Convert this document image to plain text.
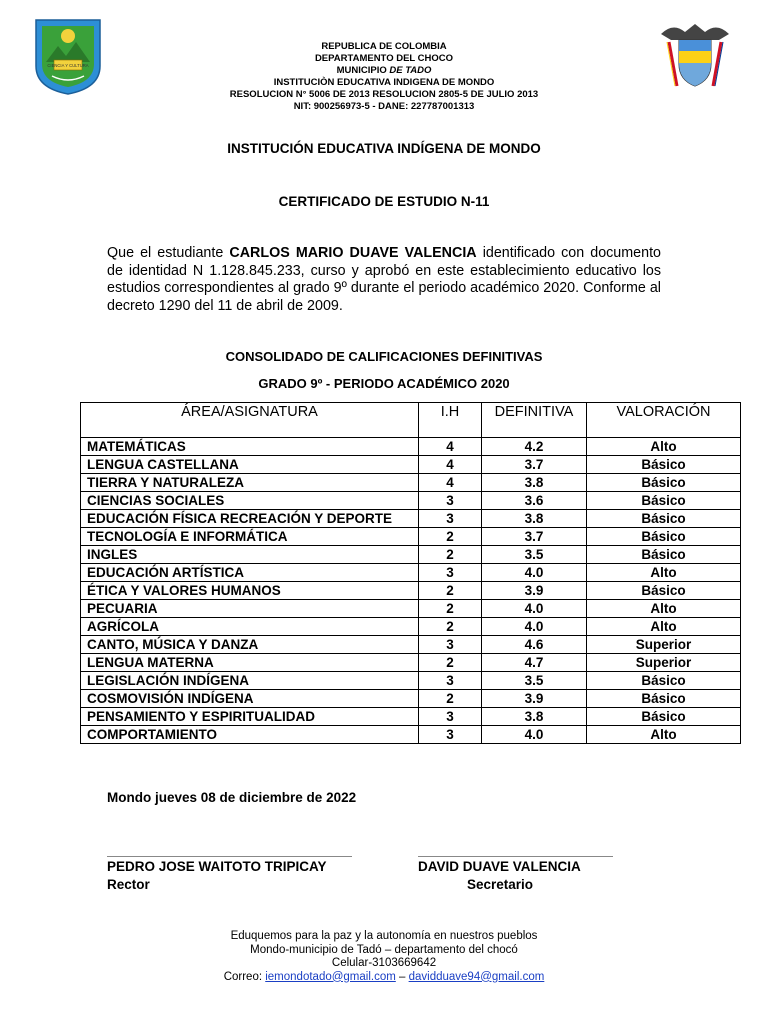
CIENCIA Y CULTURA
REPUBLICA DE COLOMBIA
DEPARTAMENTO DEL CHOCO
MUNICIPIO DE TADO
INSTITUCIÒN EDUCATIVA INDIGENA DE MONDO
RESOLUCION N° 5006 DE 2013 RESOLUCION 2805-5 DE JULIO 2013
NIT: 900256973-5 - DANE: 227787001313
INSTITUCIÓN EDUCATIVA INDÍGENA DE MONDO
CERTIFICADO DE ESTUDIO N-11
Que el estudiante CARLOS MARIO DUAVE VALENCIA identificado con documento de identidad N 1.128.845.233, curso y aprobó en este establecimiento educativo los estudios correspondientes al grado 9º durante el periodo académico 2020. Conforme al decreto 1290 del 11 de abril de 2009.
CONSOLIDADO DE CALIFICACIONES DEFINITIVAS
GRADO 9º - PERIODO ACADÉMICO 2020
ÁREA/ASIGNATURA	I.H	DEFINITIVA	VALORACIÓN
MATEMÁTICAS	4	4.2	Alto
LENGUA CASTELLANA	4	3.7	Básico
TIERRA Y NATURALEZA	4	3.8	Básico
CIENCIAS SOCIALES	3	3.6	Básico
EDUCACIÓN FÍSICA RECREACIÓN Y DEPORTE	3	3.8	Básico
TECNOLOGÍA E INFORMÁTICA	2	3.7	Básico
INGLES	2	3.5	Básico
EDUCACIÓN ARTÍSTICA	3	4.0	Alto
ÉTICA Y VALORES HUMANOS	2	3.9	Básico
PECUARIA	2	4.0	Alto
AGRÍCOLA	2	4.0	Alto
CANTO, MÚSICA Y DANZA	3	4.6	Superior
LENGUA MATERNA	2	4.7	Superior
LEGISLACIÓN INDÍGENA	3	3.5	Básico
COSMOVISIÓN INDÍGENA	2	3.9	Básico
PENSAMIENTO Y ESPIRITUALIDAD	3	3.8	Básico
COMPORTAMIENTO	3	4.0	Alto
Mondo jueves 08 de diciembre de 2022
PEDRO JOSE WAITOTO TRIPICAY
Rector
DAVID DUAVE VALENCIA
Secretario
Eduquemos para la paz y la autonomía en nuestros pueblos
Mondo-municipio de Tadó – departamento del chocó
Celular-3103669642
Correo: iemondotado@gmail.com – davidduave94@gmail.com
